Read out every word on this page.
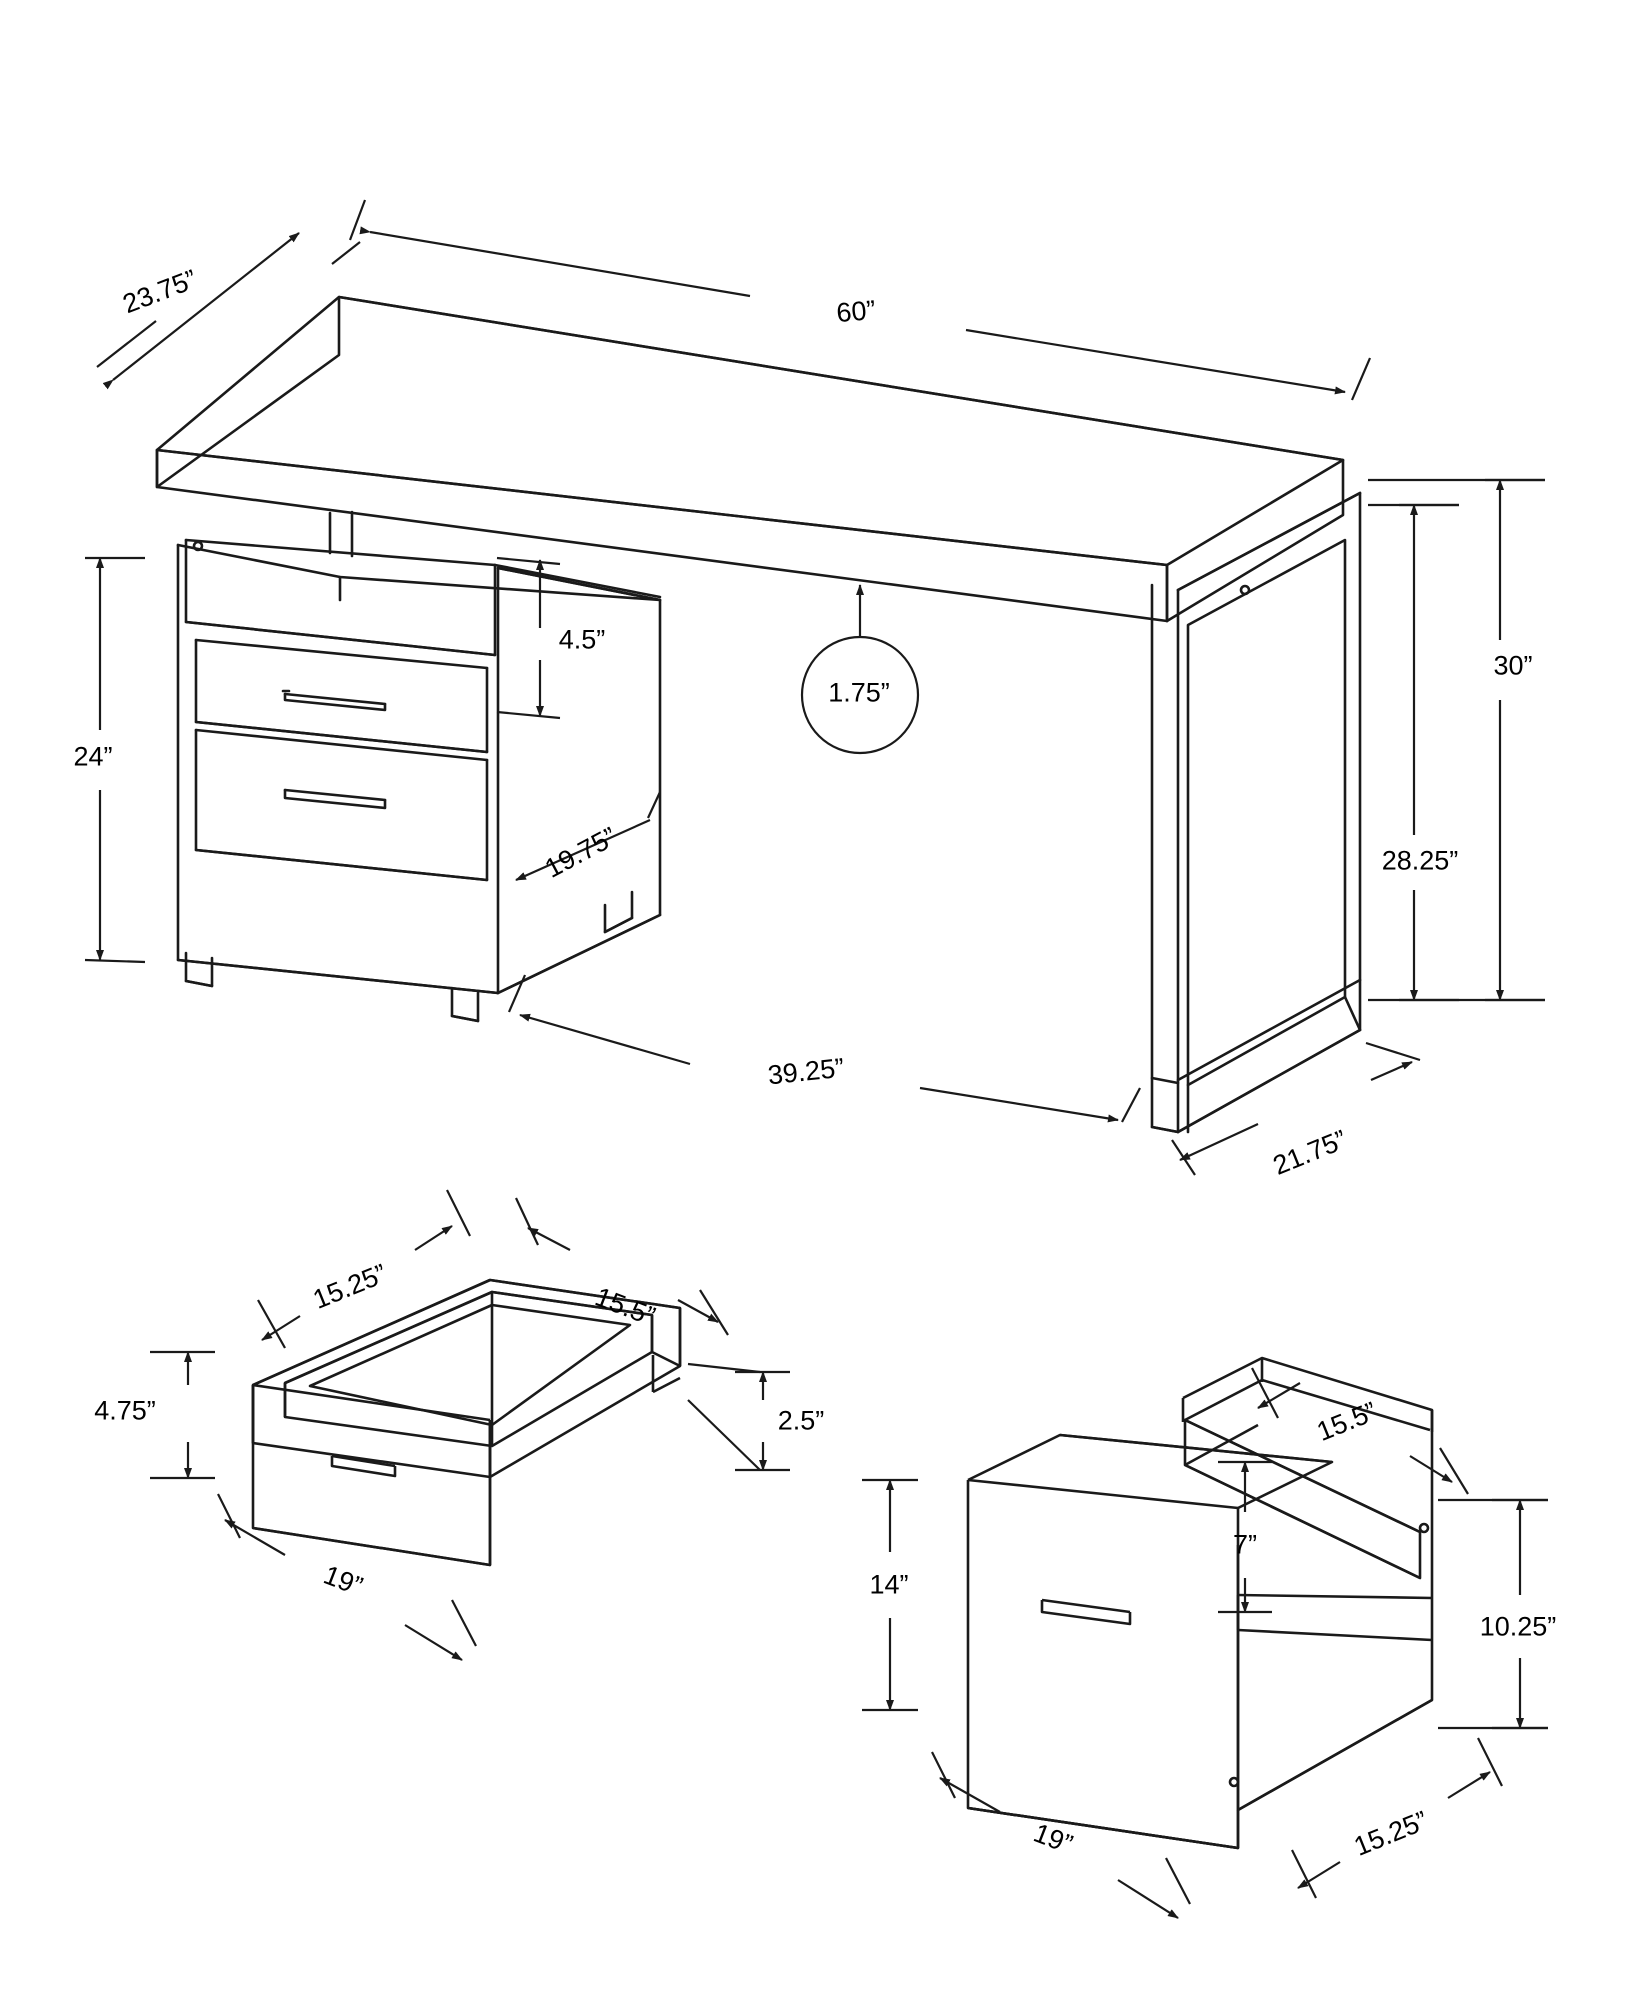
23.75”	60”
4.5”
1.75”
24”
19.75”
39.25”
30”
28.25”
21.75”
15.25”	15.5”
4.75”	2.5”
19”
15.5”
7”
14”
10.25”
19”	15.25”
